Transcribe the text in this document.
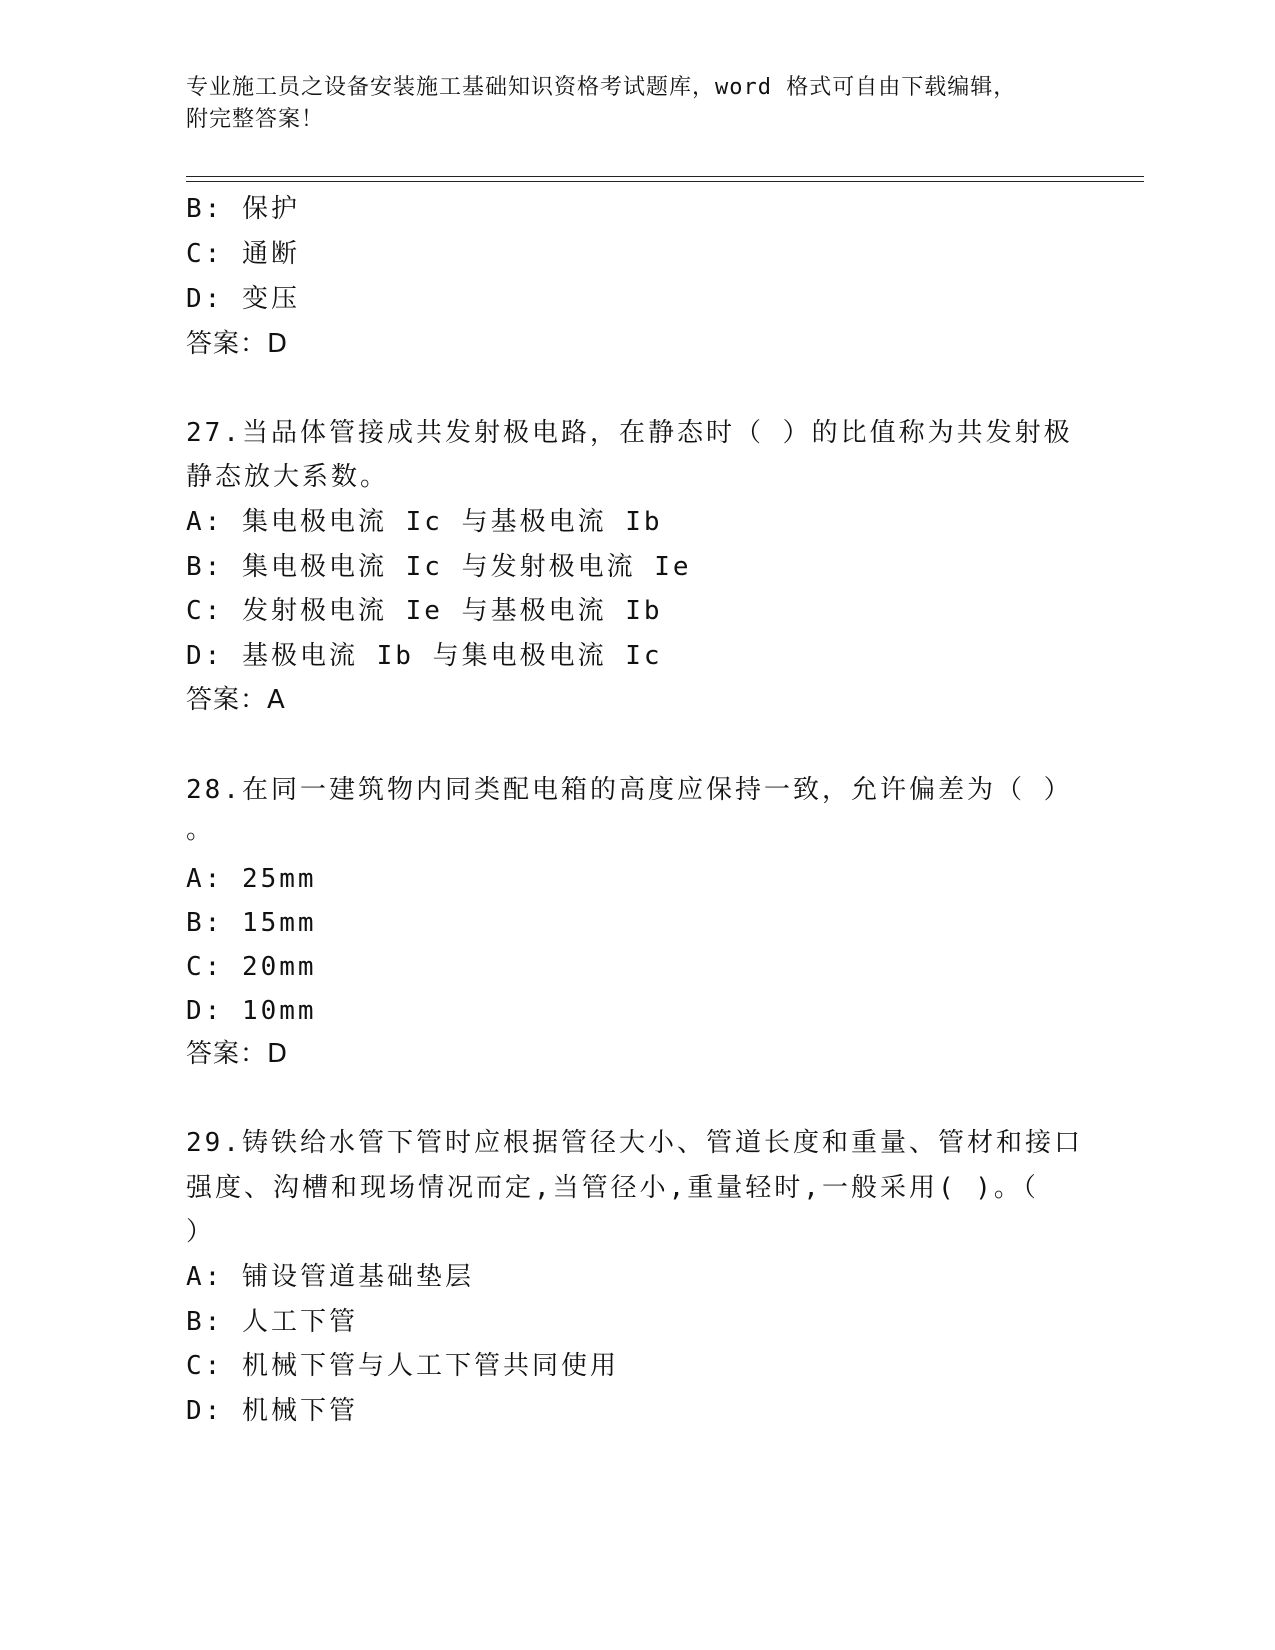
专业施工员之设备安装施工基础知识资格考试题库，word 格式可自由下载编辑，
附完整答案！
B: 保护
C: 通断
D: 变压
答案：D
27.当品体管接成共发射极电路，在静态时（ ）的比值称为共发射极
静态放大系数。
A: 集电极电流 Ic 与基极电流 Ib
B: 集电极电流 Ic 与发射极电流 Ie
C: 发射极电流 Ie 与基极电流 Ib
D: 基极电流 Ib 与集电极电流 Ic
答案：A
28.在同一建筑物内同类配电箱的高度应保持一致，允许偏差为（ ）
。
A: 25mm
B: 15mm
C: 20mm
D: 10mm
答案：D
29.铸铁给水管下管时应根据管径大小、管道长度和重量、管材和接口
强度、沟槽和现场情况而定,当管径小,重量轻时,一般采用( )。（
）
A: 铺设管道基础垫层
B: 人工下管
C: 机械下管与人工下管共同使用
D: 机械下管
